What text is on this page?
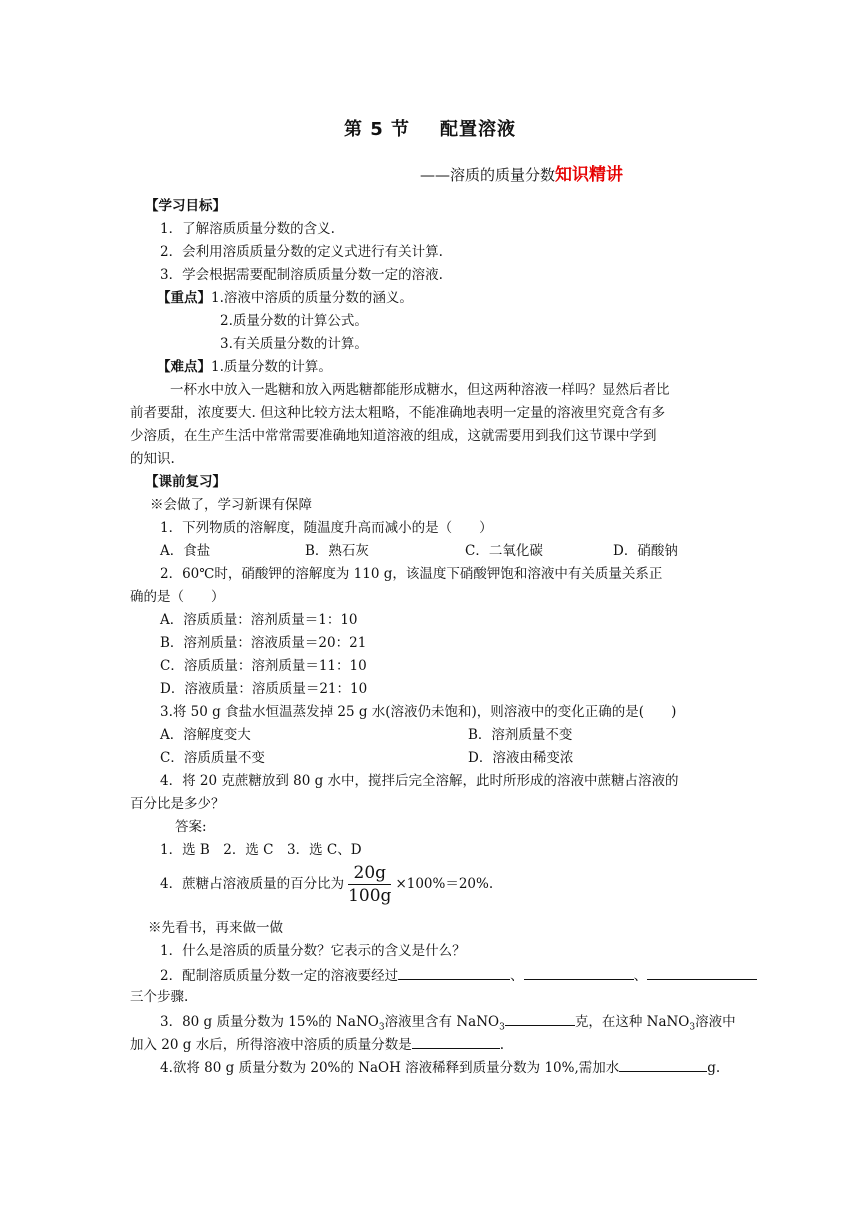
第 5 节 配置溶液
——溶质的质量分数知识精讲
【学习目标】
1．了解溶质质量分数的含义.
2．会利用溶质质量分数的定义式进行有关计算.
3．学会根据需要配制溶质质量分数一定的溶液.
【重点】1.溶液中溶质的质量分数的涵义。
2.质量分数的计算公式。
3.有关质量分数的计算。
【难点】1.质量分数的计算。
一杯水中放入一匙糖和放入两匙糖都能形成糖水，但这两种溶液一样吗？显然后者比
前者要甜，浓度要大. 但这种比较方法太粗略，不能准确地表明一定量的溶液里究竟含有多
少溶质，在生产生活中常常需要准确地知道溶液的组成，这就需要用到我们这节课中学到
的知识.
【课前复习】
※会做了，学习新课有保障
1．下列物质的溶解度，随温度升高而减小的是（　　）
A．食盐	B．熟石灰	C．二氧化碳	D．硝酸钠
2．60℃时，硝酸钾的溶解度为 110 g，该温度下硝酸钾饱和溶液中有关质量关系正
确的是（　　）
A．溶质质量：溶剂质量＝1：10
B．溶剂质量：溶液质量＝20：21
C．溶质质量：溶剂质量＝11：10
D．溶液质量：溶质质量＝21：10
3.将 50 g 食盐水恒温蒸发掉 25 g 水(溶液仍未饱和)，则溶液中的变化正确的是(　　)
A．溶解度变大	B．溶剂质量不变
C．溶质质量不变	D．溶液由稀变浓
4．将 20 克蔗糖放到 80 g 水中，搅拌后完全溶解，此时所形成的溶液中蔗糖占溶液的
百分比是多少？
答案:
1．选 B　2．选 C　3．选 C、D
4．蔗糖占溶液质量的百分比为 $\frac{20g}{100g} \times 100\%=20\%$.
※先看书，再来做一做
1．什么是溶质的质量分数？它表示的含义是什么？
2．配制溶质质量分数一定的溶液要经过	、	、
三个步骤.
3．80 g 质量分数为 15%的 NaNO$_3$溶液里含有 NaNO$_3$	克，在这种 NaNO$_3$溶液中
加入 20 g 水后，所得溶液中溶质的质量分数是	.
4.欲将 80 g 质量分数为 20%的 NaOH 溶液稀释到质量分数为 10%,需加水	g.
